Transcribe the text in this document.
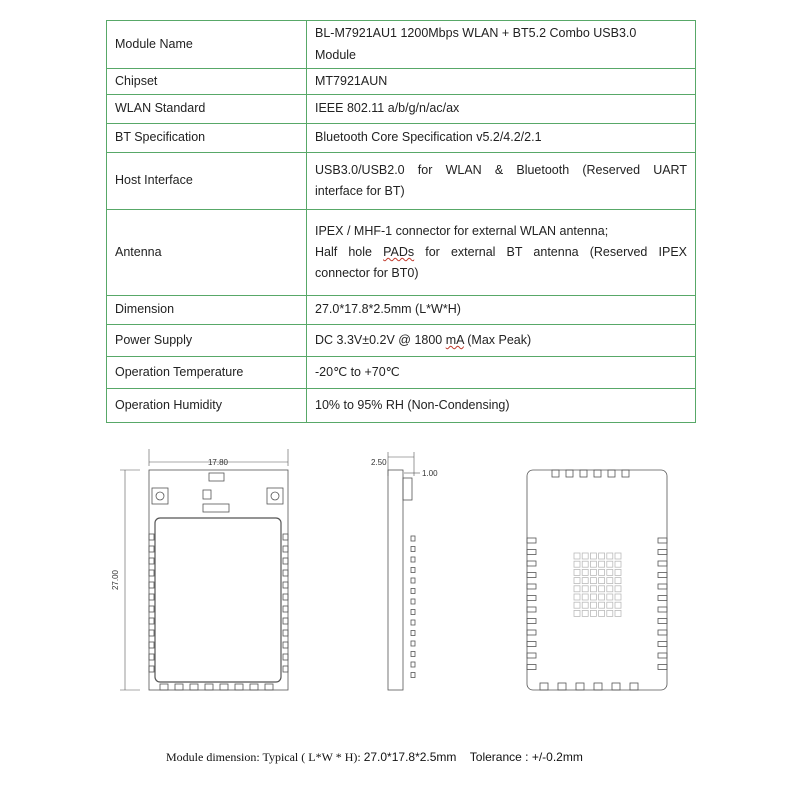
Module Name	BL-M7921AU1 1200Mbps WLAN + BT5.2 Combo USB3.0
Module

Chipset	MT7921AUN
WLAN Standard	IEEE 802.11 a/b/g/n/ac/ax
BT Specification	Bluetooth Core Specification v5.2/4.2/2.1
Host Interface	USB3.0/USB2.0 for WLAN & Bluetooth (Reserved UART
interface for BT)

Antenna	IPEX / MHF-1 connector for external WLAN antenna;
Half hole PADs for external BT antenna (Reserved IPEX
connector for BT0)

Dimension	27.0*17.8*2.5mm (L*W*H)
Power Supply	DC 3.3V±0.2V @ 1800 mA (Max Peak)
Operation Temperature	-20℃ to +70℃
Operation Humidity	10% to 95% RH (Non-Condensing)
17.80
27.00
2.50
1.00
Module dimension: Typical ( L*W * H): 27.0*17.8*2.5mm Tolerance : +/-0.2mm
